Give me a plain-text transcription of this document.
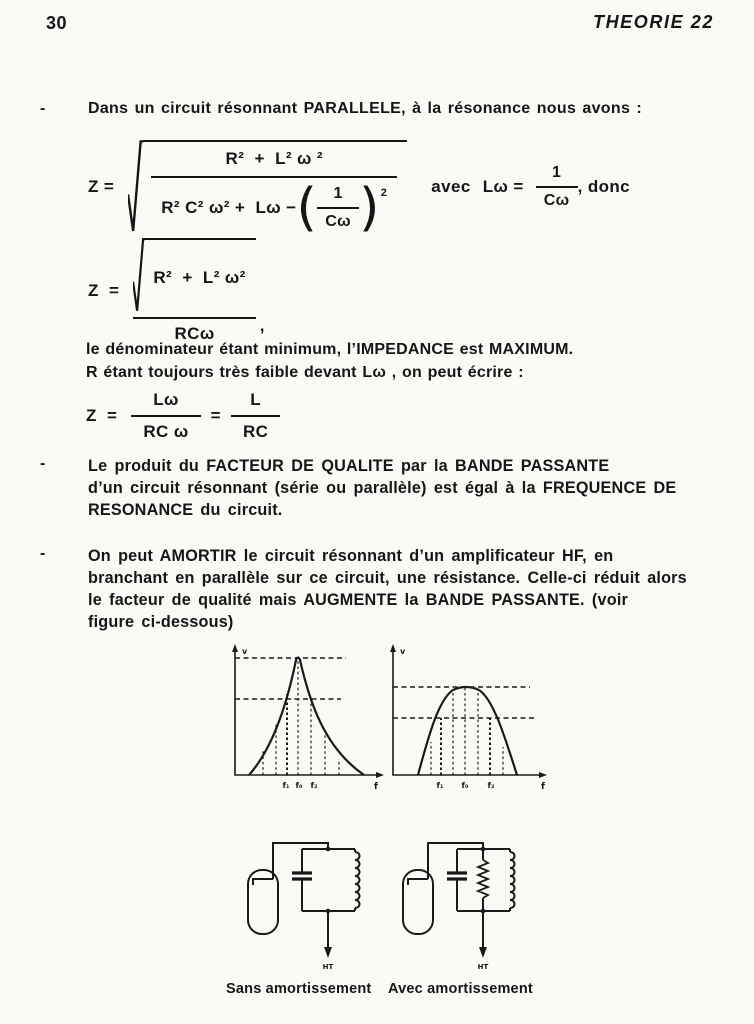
30	THEORIE 22
-	Dans un circuit résonnant PARALLELE, à la résonance nous avons :
Z =
R²  +  L² ω ²
R² C² ω² + Lω − ( $\frac{1}{C\omega}$ ) 2	avec $L\omega = \frac{1}{C\omega}$ , donc
$Z = \frac{\text{R²  +  L² ω²}}{\text{RCω}}$ ,
le dénominateur étant minimum, l’IMPEDANCE est MAXIMUM.
R étant toujours très faible devant Lω , on peut écrire :
$Z = \frac{L\omega}{\text{RC ω}} = \frac{L}{RC}$
-	Le produit du FACTEUR DE QUALITE par la BANDE PASSANTE
d’un circuit résonnant (série ou parallèle) est égal à la FREQUENCE DE
RESONANCE du circuit.
-	On peut AMORTIR le circuit résonnant d’un amplificateur HF, en
branchant en parallèle sur ce circuit, une résistance. Celle-ci réduit alors
le facteur de qualité mais AUGMENTE la BANDE PASSANTE. (voir
figure ci-dessous)
v
f
f₁ f₀ f₂
v
f
f₁ f₀ f₂
HT	HT
Sans amortissement Avec amortissement
